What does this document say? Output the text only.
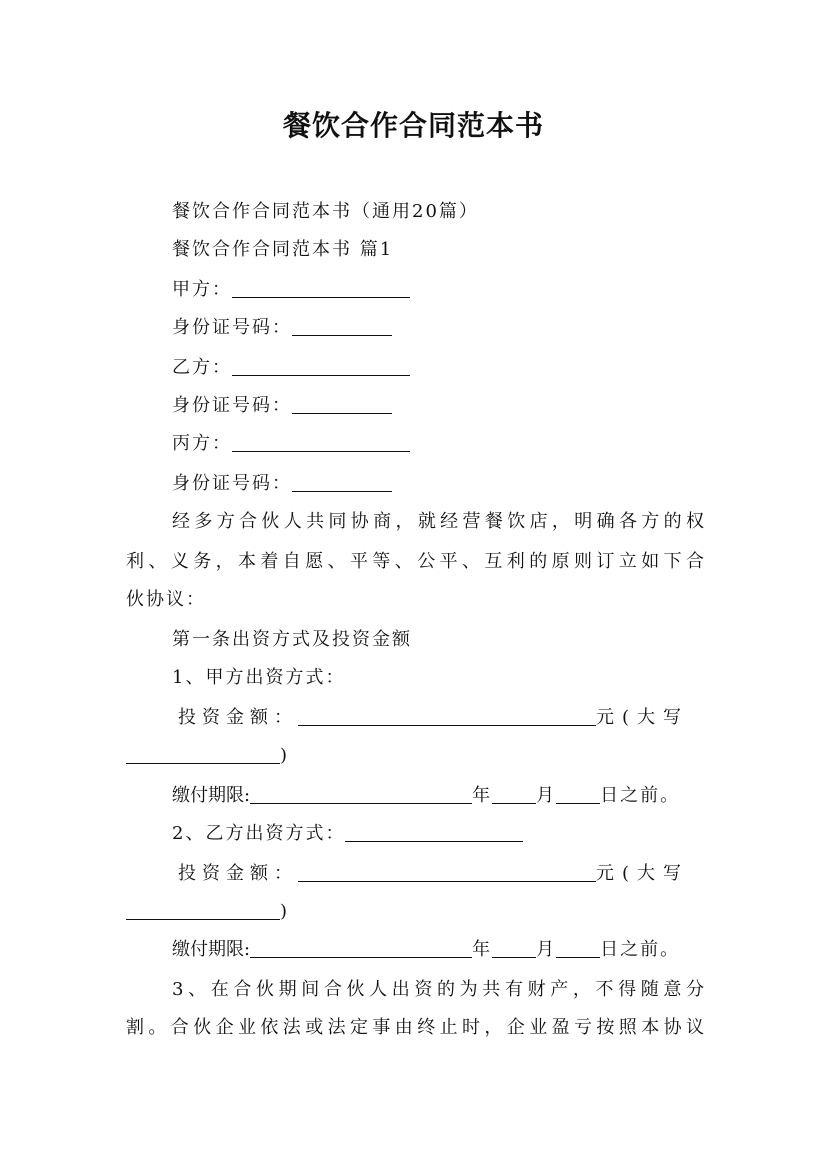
餐饮合作合同范本书
餐饮合作合同范本书（通用20篇）
餐饮合作合同范本书 篇1
甲方：
身份证号码：
乙方：
身份证号码：
丙方：
身份证号码：
经多方合伙人共同协商，就经营餐饮店，明确各方的权
利、义务，本着自愿、平等、公平、互利的原则订立如下合
伙协议：
第一条出资方式及投资金额
1、甲方出资方式：
投资金额：	元(大写
)
缴付期限:	年 月 日之前。
2、乙方出资方式：
投资金额：	元(大写
)
缴付期限:	年 月 日之前。
3、在合伙期间合伙人出资的为共有财产，不得随意分
割。合伙企业依法或法定事由终止时，企业盈亏按照本协议
